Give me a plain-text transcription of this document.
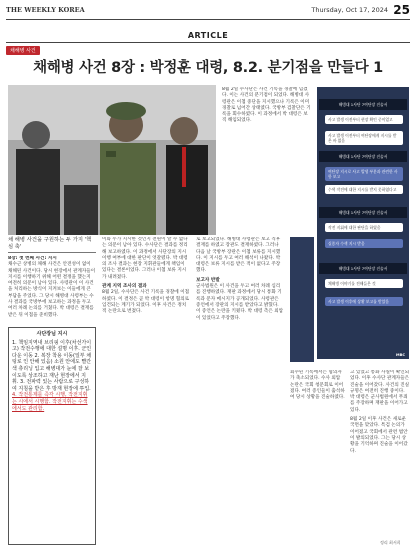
THE WEEKLY KOREA	Thursday, Oct 17, 2024 25
ARTICLE
채해병 사건
채해병 사건 8장 : 박정훈 대령, 8.2. 분기점을 만들다 1
채 해병 사건을 구원하는 두 가지 '핵심 축'
8장: 첫 번째 사건: 지시
채수근 상병의 채해 사건은 안전성이 없이 채해된 사건이다. 당시 현장에서 관계자들이 지시를 이행하기 위해 어떤 결정을 했는지 여전히 의문이 남아 있다. 사령관이 이 사건을 처리하는 방식이 지켜보는 이들에게 큰 부담을 주었다. 그 당시 해병대 사령부는 수사 결과를 국방부에 보고하는 과정을 두고 여러 차례 논의를 거쳤다. 박 대령은 결재를 받은 뒤 이첩을 준비했다.
사단장님 지시
1. 책임지역내 브리핑 이후(차선가이고) 작전수행에 대한 설명 이후. 군인다운 이동 2. 복장 착용 이동(일부 채팅로 인 안해 있음) 소원 안에도 빨간색 츄리닝 입고 해병대가 눈에 잘 보이도록 상조하고 재난 현장에서 지휘. 3. 전파력 있는 사람으로 구성하여 지침을 받은 후 방재 현장에 투입.
4. 작전통제를 즉각 시행, 작전지휘는 시에서 시행함. 작전지휘는 수색에서도 관리함.
이와 누가 지시한 것인지 전원이 알 수 없다는 의문이 남아 있다. 수사단은 결과를 정리해 보고하였다. 이 과정에서 사단장의 지시 이행 여부에 대한 판단이 엇갈렸다. 박 대령의 조사 결과는 현장 지휘관들에게 책임이 있다는 결론이었다. 그러나 이첩 보류 지시가 내려졌다.
관계 지역 조사의 결과
8월 2일, 수사단은 사건 기록을 경찰에 이첩하였다. 이 결정은 곧 박 대령이 항명 혐의로 입건되는 계기가 되었다. 이후 사건은 정치적 논란으로 번졌다.
로 보고되었다. 해병대 사령관은 보고 직후 결재를 하였고 장관도 결재하였다. 그러나 다음 날 국방부 장관은 이첩 보류를 지시했다. 이 지시를 두고 여러 해석이 나왔다. 박 대령은 보류 지시를 받은 적이 없다고 주장했다.
보고자 반발
군사법원은 이 사건을 두고 여러 차례 심리를 진행하였다. 재판 과정에서 당시 통화 기록과 문자 메시지가 공개되었다. 사령관은 증언에서 장관의 지시를 받았다고 밝혔다. 이 증언은 논란을 키웠다. 박 대령 측은 외압이 있었다고 주장했다.
8월 2일 수사단은 사건 기록을 경찰에 넘겼다. 이는 사건의 분기점이 되었다. 해병대 사령관은 이첩 중단을 지시했으나 기록은 이미 경찰로 넘어간 상태였다. 국방부 검찰단은 기록을 회수하였다. 이 과정에서 박 대령은 보직 해임되었다.
회수된 기록에서는 혐의자가 축소되었다. 수사 외압 논란은 국회 청문회로 이어졌다. 여러 증인들이 출석하여 당시 상황을 진술하였다.
고 있었고 통화 사실이 확인되었다. 이후 수사단 관계자들은 진술을 이어갔다. 사건의 진실 규명은 여전히 진행 중이다. 박 대령은 군사법원에서 무죄를 주장하며 재판을 이어가고 있다.
8월 2일 이후 사건은 새로운 국면을 맞았다. 특검 논의가 이어졌고 국회에서 관련 법안이 발의되었다. 그는 당시 상황을 기억하며 진술을 이어갔다.
해병대 1사단 7여단장 진술서
사고 발생 이전부터 현장 확인 중이었고
사고 발생 이전부터 여단장에게 지시를 받은 바 없음
해병대 1사단 7여단장 진술서
여단장 지시로 사고 발생 부분과 관련한 사항 보고
수색 작전에 대한 지시를 받지 못하였다고
해병대 1사단 7여단장 진술서
작전 지휘에 대한 판단을 하였음
실종자 수색 지시 받음
해병대 1사단 7여단장 진술서
채해병 이야기를 전해들은 것
사고 발생 이후에 상황 보고를 받았음
MBC
정리 최서희
